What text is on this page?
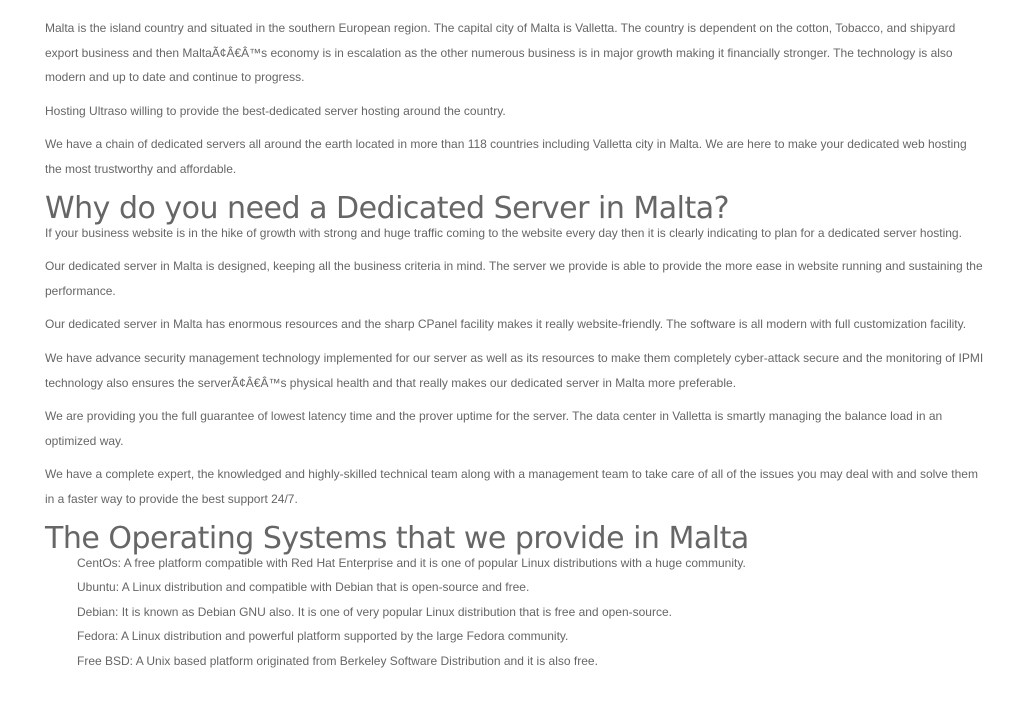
Malta is the island country and situated in the southern European region. The capital city of Malta is Valletta. The country is dependent on the cotton, Tobacco, and shipyard export business and then MaltaÃ¢Â€Â™s economy is in escalation as the other numerous business is in major growth making it financially stronger. The technology is also modern and up to date and continue to progress.

Hosting Ultraso willing to provide the best-dedicated server hosting around the country.

We have a chain of dedicated servers all around the earth located in more than 118 countries including Valletta city in Malta. We are here to make your dedicated web hosting the most trustworthy and affordable.

Why do you need a Dedicated Server in Malta?

If your business website is in the hike of growth with strong and huge traffic coming to the website every day then it is clearly indicating to plan for a dedicated server hosting.

Our dedicated server in Malta is designed, keeping all the business criteria in mind. The server we provide is able to provide the more ease in website running and sustaining the performance.

Our dedicated server in Malta has enormous resources and the sharp CPanel facility makes it really website-friendly. The software is all modern with full customization facility.

We have advance security management technology implemented for our server as well as its resources to make them completely cyber-attack secure and the monitoring of IPMI technology also ensures the serverÃ¢Â€Â™s physical health and that really makes our dedicated server in Malta more preferable.

We are providing you the full guarantee of lowest latency time and the prover uptime for the server. The data center in Valletta is smartly managing the balance load in an optimized way.

We have a complete expert, the knowledged and highly-skilled technical team along with a management team to take care of all of the issues you may deal with and solve them in a faster way to provide the best support 24/7.

The Operating Systems that we provide in Malta
CentOs: A free platform compatible with Red Hat Enterprise and it is one of popular Linux distributions with a huge community.
Ubuntu: A Linux distribution and compatible with Debian that is open-source and free.
Debian: It is known as Debian GNU also. It is one of very popular Linux distribution that is free and open-source.
Fedora: A Linux distribution and powerful platform supported by the large Fedora community.
Free BSD: A Unix based platform originated from Berkeley Software Distribution and it is also free.
